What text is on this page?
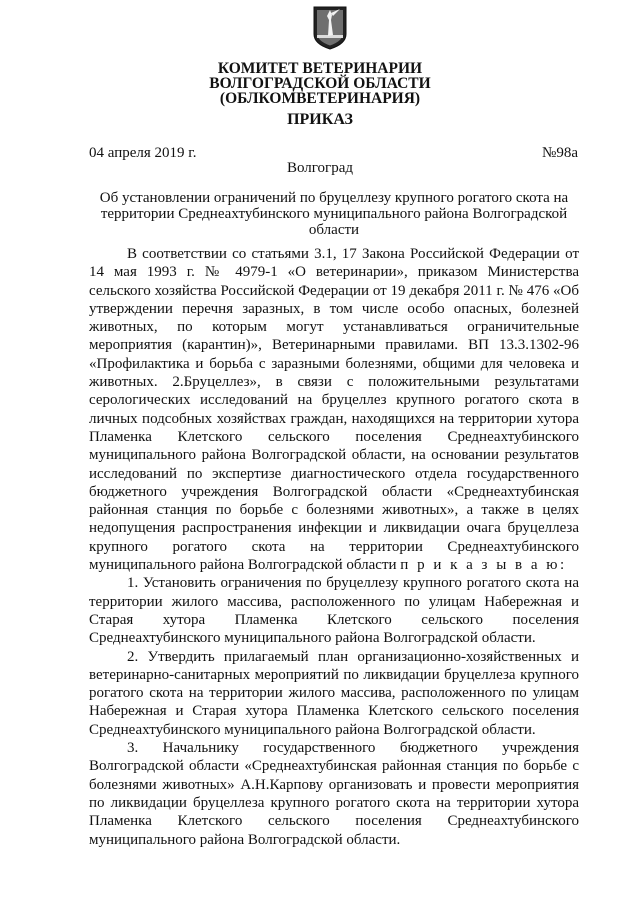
КОМИТЕТ ВЕТЕРИНАРИИ
ВОЛГОГРАДСКОЙ ОБЛАСТИ
(ОБЛКОМВЕТЕРИНАРИЯ)
ПРИКАЗ
04 апреля 2019 г.	№98а
Волгоград
Об установлении ограничений по бруцеллезу крупного рогатого скота на территории Среднеахтубинского муниципального района Волгоградской области

В соответствии со статьями 3.1, 17 Закона Российской Федерации от 14 мая 1993 г. № 4979-1 «О ветеринарии», приказом Министерства сельского хозяйства Российской Федерации от 19 декабря 2011 г. № 476 «Об утверждении перечня заразных, в том числе особо опасных, болезней животных, по которым могут устанавливаться ограничительные мероприятия (карантин)», Ветеринарными правилами. ВП 13.3.1302-96 «Профилактика и борьба с заразными болезнями, общими для человека и животных. 2.Бруцеллез», в связи с положительными результатами серологических исследований на бруцеллез крупного рогатого скота в личных подсобных хозяйствах граждан, находящихся на территории хутора Пламенка Клетского сельского поселения Среднеахтубинского муниципального района Волгоградской области, на основании результатов исследований по экспертизе диагностического отдела государственного бюджетного учреждения Волгоградской области «Среднеахтубинская районная станция по борьбе с болезнями животных», а также в целях недопущения распространения инфекции и ликвидации очага бруцеллеза крупного рогатого скота на территории Среднеахтубинского муниципального района Волгоградской области п р и к а з ы в а ю:

1. Установить ограничения по бруцеллезу крупного рогатого скота на территории жилого массива, расположенного по улицам Набережная и Старая хутора Пламенка Клетского сельского поселения Среднеахтубинского муниципального района Волгоградской области.

2. Утвердить прилагаемый план организационно-хозяйственных и ветеринарно-санитарных мероприятий по ликвидации бруцеллеза крупного рогатого скота на территории жилого массива, расположенного по улицам Набережная и Старая хутора Пламенка Клетского сельского поселения Среднеахтубинского муниципального района Волгоградской области.

3. Начальнику государственного бюджетного учреждения Волгоградской области «Среднеахтубинская районная станция по борьбе с болезнями животных» А.Н.Карпову организовать и провести мероприятия по ликвидации бруцеллеза крупного рогатого скота на территории хутора Пламенка Клетского сельского поселения Среднеахтубинского муниципального района Волгоградской области.
